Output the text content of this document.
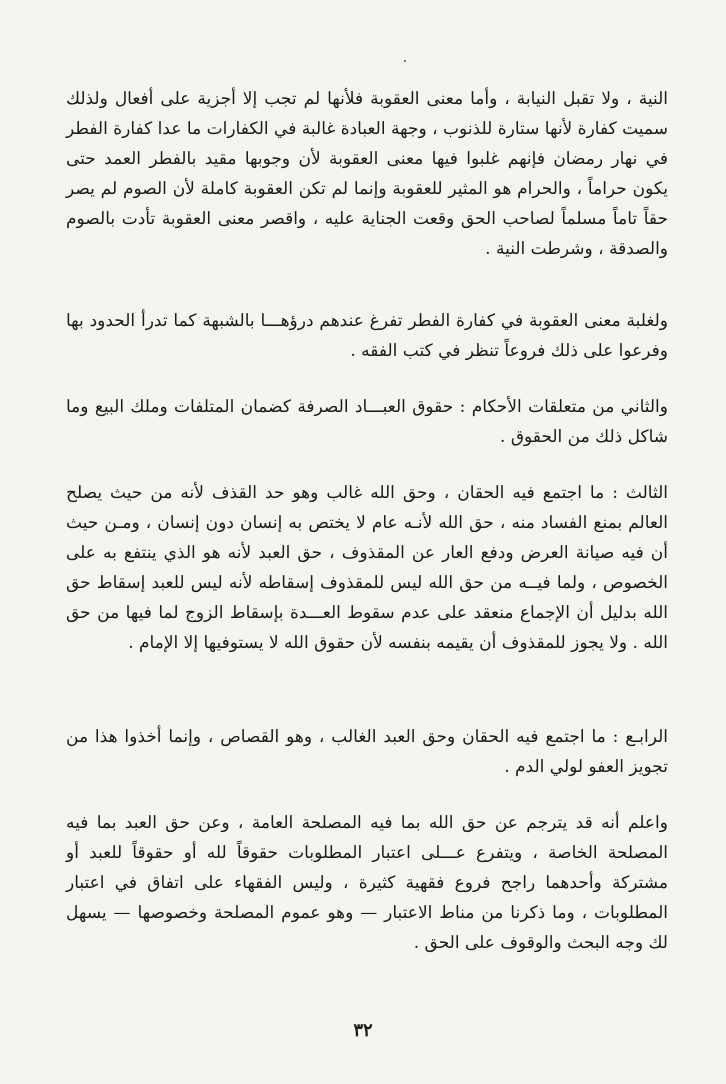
النية ، ولا تقبل النيابة ، وأما معنى العقوبة فلأنها لم تجب إلا أجزية على أفعال ولذلك سميت كفارة لأنها ستارة للذنوب ، وجهة العبادة غالبة في الكفارات ما عدا كفارة الفطر في نهار رمضان فإنهم غلبوا فيها معنى العقوبة لأن وجوبها مقيد بالفطر العمد حتى يكون حراماً ، والحرام هو المثير للعقوبة وإنما لم تكن العقوبة كاملة لأن الصوم لم يصر حقاً تاماً مسلماً لصاحب الحق وقعت الجناية عليه ، واقصر معنى العقوبة تأدت بالصوم والصدقة ، وشرطت النية .

ولغلبة معنى العقوبة في كفارة الفطر تفرغ عندهم درؤهـــا بالشبهة كما تدرأ الحدود بها وفرعوا على ذلك فروعاً تنظر في كتب الفقه .

والثاني من متعلقات الأحكام : حقوق العبـــاد الصرفة كضمان المتلفات وملك البيع وما شاكل ذلك من الحقوق .

الثالث : ما اجتمع فيه الحقان ، وحق الله غالب وهو حد القذف لأنه من حيث يصلح العالم بمنع الفساد منه ، حق الله لأنـه عام لا يختص به إنسان دون إنسان ، ومـن حيث أن فيه صيانة العرض ودفع العار عن المقذوف ، حق العبد لأنه هو الذي ينتفع به على الخصوص ، ولما فيــه من حق الله ليس للمقذوف إسقاطه لأنه ليس للعبد إسقاط حق الله بدليل أن الإجماع منعقد على عدم سقوط العـــدة بإسقاط الزوج لما فيها من حق الله . ولا يجوز للمقذوف أن يقيمه بنفسه لأن حقوق الله لا يستوفيها إلا الإمام .

الرابـع : ما اجتمع فيه الحقان وحق العبد الغالب ، وهو القصاص ، وإنما أخذوا هذا من تجويز العفو لولي الدم .

واعلم أنه قد يترجم عن حق الله بما فيه المصلحة العامة ، وعن حق العبد بما فيه المصلحة الخاصة ، ويتفرع عـــلى اعتبار المطلوبات حقوقاً لله أو حقوقاً للعبد أو مشتركة وأحدهما راجح فروع فقهية كثيرة ، وليس الفقهاء على اتفاق في اعتبار المطلوبات ، وما ذكرنا من مناط الاعتبار — وهو عموم المصلحة وخصوصها — يسهل لك وجه البحث والوقوف على الحق .

٣٢
